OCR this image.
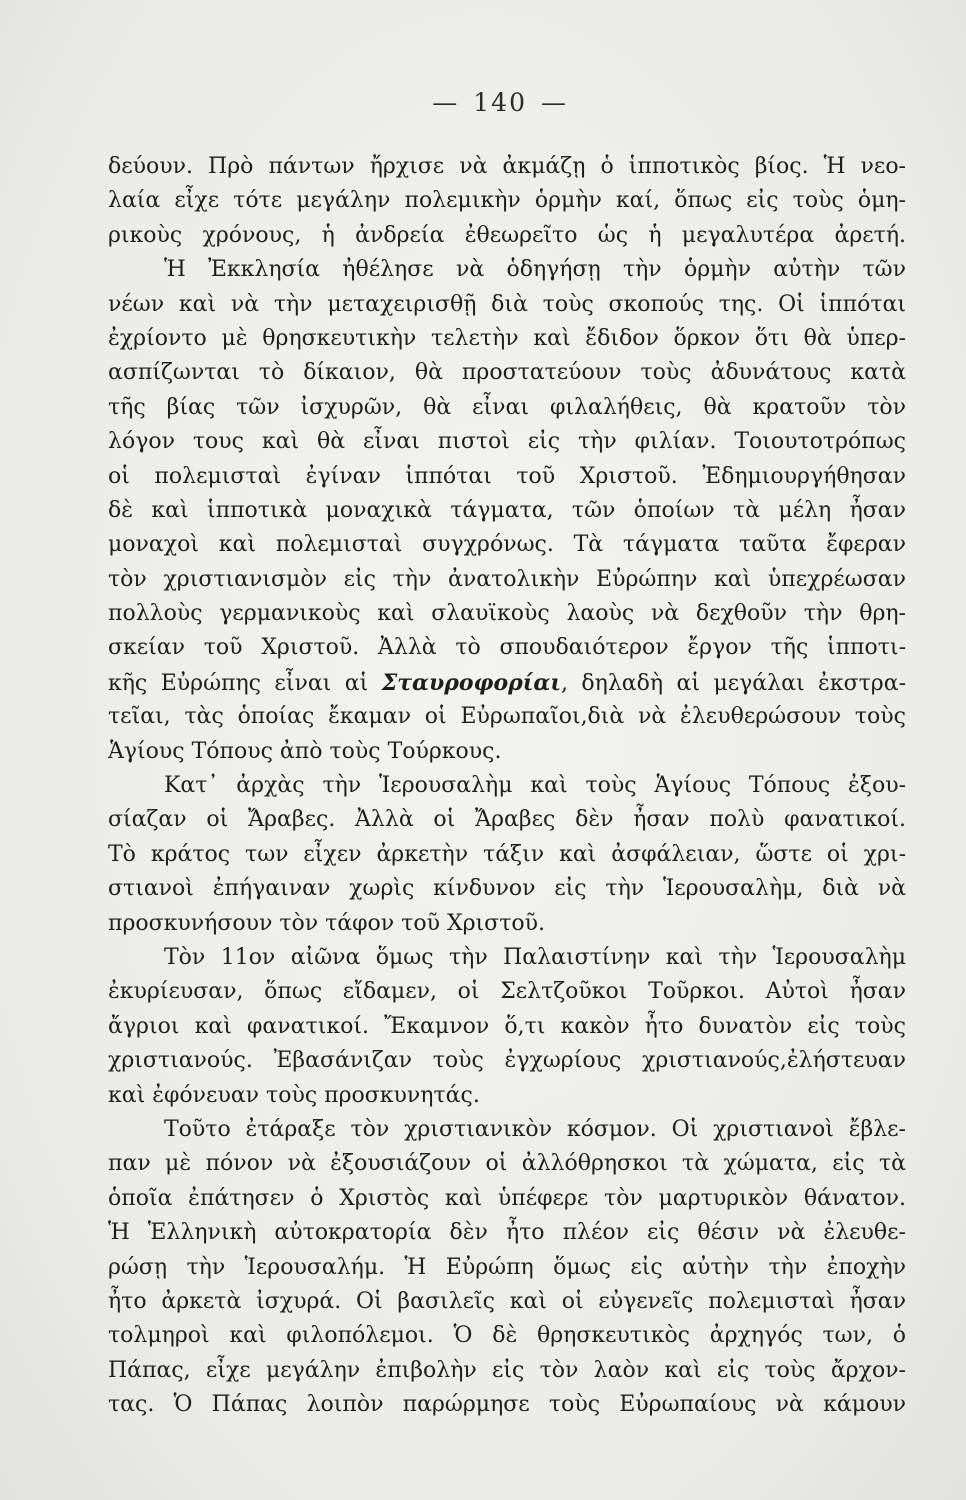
— 140 —
δεύουν. Πρὸ πάντων ἤρχισε νὰ ἀκμάζῃ ὁ ἱπποτικὸς βίος. Ἡ νεο-
λαία εἶχε τότε μεγάλην πολεμικὴν ὁρμὴν καί, ὅπως εἰς τοὺς ὁμη-
ρικοὺς χρόνους, ἡ ἀνδρεία ἐθεωρεῖτο ὡς ἡ μεγαλυτέρα ἀρετή.
Ἡ Ἐκκλησία ἠθέλησε νὰ ὁδηγήσῃ τὴν ὁρμὴν αὐτὴν τῶν
νέων καὶ νὰ τὴν μεταχειρισθῇ διὰ τοὺς σκοπούς της. Οἱ ἱππόται
ἐχρίοντο μὲ θρησκευτικὴν τελετὴν καὶ ἔδιδον ὅρκον ὅτι θὰ ὑπερ-
ασπίζωνται τὸ δίκαιον, θὰ προστατεύουν τοὺς ἀδυνάτους κατὰ
τῆς βίας τῶν ἰσχυρῶν, θὰ εἶναι φιλαλήθεις, θὰ κρατοῦν τὸν
λόγον τους καὶ θὰ εἶναι πιστοὶ εἰς τὴν φιλίαν. Τοιουτοτρόπως
οἱ πολεμισταὶ ἐγίναν ἱππόται τοῦ Χριστοῦ. Ἐδημιουργήθησαν
δὲ καὶ ἱπποτικὰ μοναχικὰ τάγματα, τῶν ὁποίων τὰ μέλη ἦσαν
μοναχοὶ καὶ πολεμισταὶ συγχρόνως. Τὰ τάγματα ταῦτα ἔφεραν
τὸν χριστιανισμὸν εἰς τὴν ἀνατολικὴν Εὐρώπην καὶ ὑπεχρέωσαν
πολλοὺς γερμανικοὺς καὶ σλαυϊκοὺς λαοὺς νὰ δεχθοῦν τὴν θρη-
σκείαν τοῦ Χριστοῦ. Ἀλλὰ τὸ σπουδαιότερον ἔργον τῆς ἱπποτι-
κῆς Εὐρώπης εἶναι αἱ Σταυροφορίαι, δηλαδὴ αἱ μεγάλαι ἐκστρα-
τεῖαι, τὰς ὁποίας ἔκαμαν οἱ Εὐρωπαῖοι,διὰ νὰ ἐλευθερώσουν τοὺς
Ἁγίους Τόπους ἀπὸ τοὺς Τούρκους.
Κατ᾽ ἀρχὰς τὴν Ἱερουσαλὴμ καὶ τοὺς Ἁγίους Τόπους ἐξου-
σίαζαν οἱ Ἄραβες. Ἀλλὰ οἱ Ἄραβες δὲν ἦσαν πολὺ φανατικοί.
Τὸ κράτος των εἶχεν ἀρκετὴν τάξιν καὶ ἀσφάλειαν, ὥστε οἱ χρι-
στιανοὶ ἐπήγαιναν χωρὶς κίνδυνον εἰς τὴν Ἱερουσαλὴμ, διὰ νὰ
προσκυνήσουν τὸν τάφον τοῦ Χριστοῦ.
Τὸν 11ον αἰῶνα ὅμως τὴν Παλαιστίνην καὶ τὴν Ἱερουσαλὴμ
ἐκυρίευσαν, ὅπως εἴδαμεν, οἱ Σελτζοῦκοι Τοῦρκοι. Αὐτοὶ ἦσαν
ἄγριοι καὶ φανατικοί. Ἔκαμνον ὅ,τι κακὸν ἦτο δυνατὸν εἰς τοὺς
χριστιανούς. Ἐβασάνιζαν τοὺς ἐγχωρίους χριστιανούς,ἐλήστευαν
καὶ ἐφόνευαν τοὺς προσκυνητάς.
Τοῦτο ἐτάραξε τὸν χριστιανικὸν κόσμον. Οἱ χριστιανοὶ ἔβλε-
παν μὲ πόνον νὰ ἐξουσιάζουν οἱ ἀλλόθρησκοι τὰ χώματα, εἰς τὰ
ὁποῖα ἐπάτησεν ὁ Χριστὸς καὶ ὑπέφερε τὸν μαρτυρικὸν θάνατον.
Ἡ Ἑλληνικὴ αὐτοκρατορία δὲν ἦτο πλέον εἰς θέσιν νὰ ἐλευθε-
ρώσῃ τὴν Ἱερουσαλήμ. Ἡ Εὐρώπη ὅμως εἰς αὐτὴν τὴν ἐποχὴν
ἦτο ἀρκετὰ ἰσχυρά. Οἱ βασιλεῖς καὶ οἱ εὐγενεῖς πολεμισταὶ ἦσαν
τολμηροὶ καὶ φιλοπόλεμοι. Ὁ δὲ θρησκευτικὸς ἀρχηγός των, ὁ
Πάπας, εἶχε μεγάλην ἐπιβολὴν εἰς τὸν λαὸν καὶ εἰς τοὺς ἄρχον-
τας. Ὁ Πάπας λοιπὸν παρώρμησε τοὺς Εὐρωπαίους νὰ κάμουν
